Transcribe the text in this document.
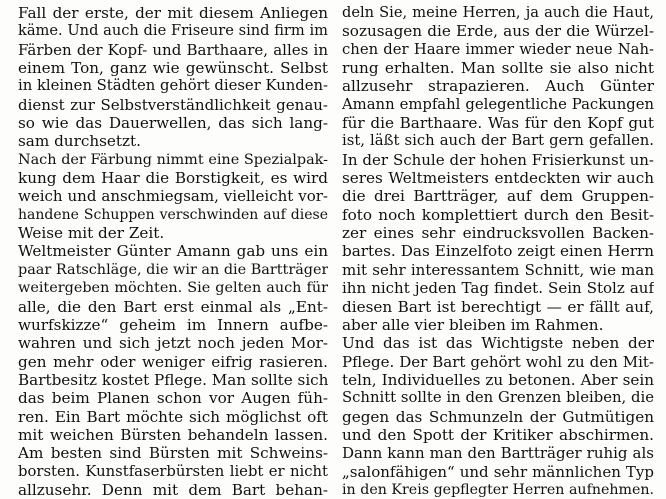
Fall der erste, der mit diesem Anliegen
käme. Und auch die Friseure sind firm im
Färben der Kopf- und Barthaare, alles in
einem Ton, ganz wie gewünscht. Selbst
in kleinen Städten gehört dieser Kunden-
dienst zur Selbstverständlichkeit genau-
so wie das Dauerwellen, das sich lang-
sam durchsetzt.
Nach der Färbung nimmt eine Spezialpak-
kung dem Haar die Borstigkeit, es wird
weich und anschmiegsam, vielleicht vor-
handene Schuppen verschwinden auf diese
Weise mit der Zeit.
Weltmeister Günter Amann gab uns ein
paar Ratschläge, die wir an die Bartträger
weitergeben möchten. Sie gelten auch für
alle, die den Bart erst einmal als „Ent-
wurfskizze“ geheim im Innern aufbe-
wahren und sich jetzt noch jeden Mor-
gen mehr oder weniger eifrig rasieren.
Bartbesitz kostet Pflege. Man sollte sich
das beim Planen schon vor Augen füh-
ren. Ein Bart möchte sich möglichst oft
mit weichen Bürsten behandeln lassen.
Am besten sind Bürsten mit Schweins-
borsten. Kunstfaserbürsten liebt er nicht
allzusehr. Denn mit dem Bart behan-
deln Sie, meine Herren, ja auch die Haut,
sozusagen die Erde, aus der die Würzel-
chen der Haare immer wieder neue Nah-
rung erhalten. Man sollte sie also nicht
allzusehr strapazieren. Auch Günter
Amann empfahl gelegentliche Packungen
für die Barthaare. Was für den Kopf gut
ist, läßt sich auch der Bart gern gefallen.
In der Schule der hohen Frisierkunst un-
seres Weltmeisters entdeckten wir auch
die drei Bartträger, auf dem Gruppen-
foto noch komplettiert durch den Besit-
zer eines sehr eindrucksvollen Backen-
bartes. Das Einzelfoto zeigt einen Herrn
mit sehr interessantem Schnitt, wie man
ihn nicht jeden Tag findet. Sein Stolz auf
diesen Bart ist berechtigt — er fällt auf,
aber alle vier bleiben im Rahmen.
Und das ist das Wichtigste neben der
Pflege. Der Bart gehört wohl zu den Mit-
teln, Individuelles zu betonen. Aber sein
Schnitt sollte in den Grenzen bleiben, die
gegen das Schmunzeln der Gutmütigen
und den Spott der Kritiker abschirmen.
Dann kann man den Bartträger ruhig als
„salonfähigen“ und sehr männlichen Typ
in den Kreis gepflegter Herren aufnehmen.
